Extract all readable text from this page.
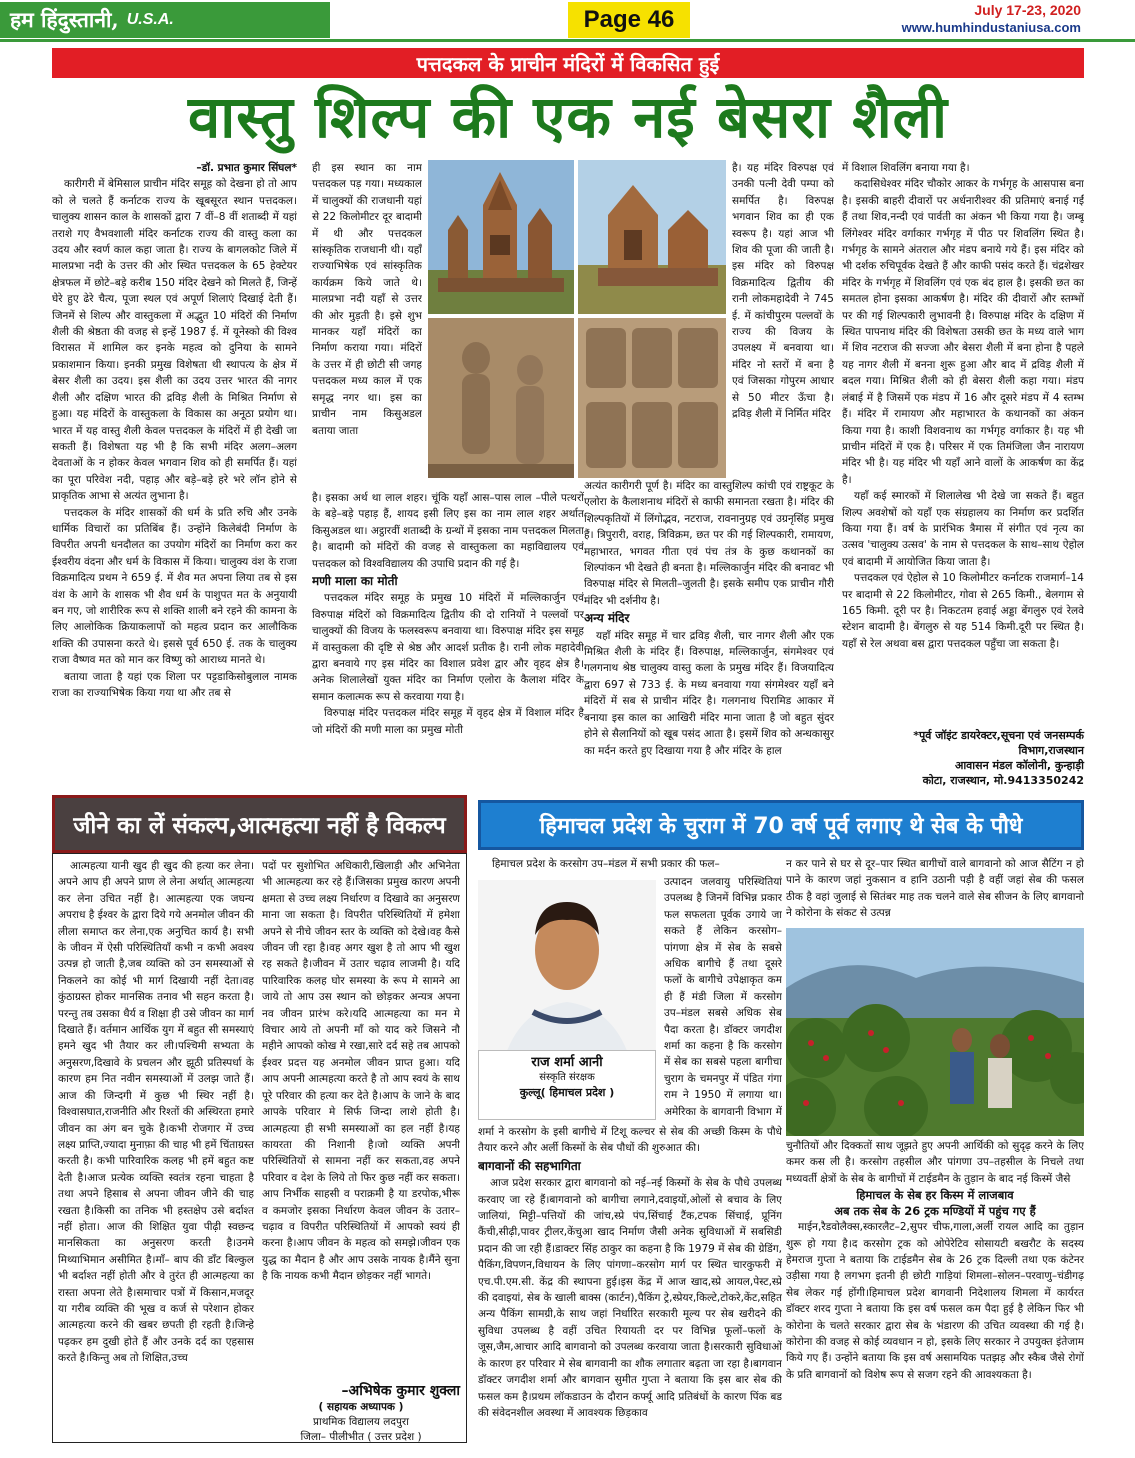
हम हिंदुस्तानी, U.S.A.	Page 46	July 17-23, 2020
www.humhindustaniusa.com
पत्तदकल के प्राचीन मंदिरों में विकसित हुई
वास्तु शिल्प की एक नई बेसरा शैली

–डॉ. प्रभात कुमार सिंघल*

कारीगरी में बेमिसाल प्राचीन मंदिर समूह को देखना हो तो आप को ले चलते हैं कर्नाटक राज्य के खूबसूरत स्थान पत्तदकल। चालुक्य शासन काल के शासकों द्वारा 7 वीं–8 वीं शताब्दी में यहां तराशे गए वैभवशाली मंदिर कर्नाटक राज्य की वास्तु कला का उदय और स्वर्ण काल कहा जाता है। राज्य के बागलकोट जिले में मालप्रभा नदी के उत्तर की ओर स्थित पत्तदकल के 65 हेक्टेयर क्षेत्रफल में छोटे–बड़े करीब 150 मंदिर देखने को मिलते हैं, जिन्हें घेरे हुए ढेरे चैत्य, पूजा स्थल एवं अपूर्ण शिलाएं दिखाई देती हैं। जिनमें से शिल्प और वास्तुकला में अद्भुत 10 मंदिरों की निर्माण शैली की श्रेष्ठता की वजह से इन्हें 1987 ई. में यूनेस्को की विश्व विरासत में शामिल कर इनके महत्व को दुनिया के सामने प्रकाशमान किया। इनकी प्रमुख विशेषता थी स्थापत्य के क्षेत्र में बेसर शैली का उदय। इस शैली का उदय उत्तर भारत की नागर शैली और दक्षिण भारत की द्रविड़ शैली के मिश्रित निर्माण से हुआ। यह मंदिरों के वास्तुकला के विकास का अनूठा प्रयोग था। भारत में यह वास्तु शैली केवल पत्तदकल के मंदिरों में ही देखी जा सकती हैं। विशेषता यह भी है कि सभी मंदिर अलग–अलग देवताओं के न होकर केवल भगवान शिव को ही समर्पित हैं। यहां का पूरा परिवेश नदी, पहाड़ और बड़े–बड़े हरे भरे लॉन होने से प्राकृतिक आभा से अत्यंत लुभाना है।

पत्तदकल के मंदिर शासकों की धर्म के प्रति रुचि और उनके धार्मिक विचारों का प्रतिबिंब हैं। उन्होंने किलेबंदी निर्माण के विपरीत अपनी धनदौलत का उपयोग मंदिरों का निर्माण करा कर ईश्वरीय वंदना और धर्म के विकास में किया। चालुक्य वंश के राजा विक्रमादित्य प्रथम ने 659 ई. में शैव मत अपना लिया तब से इस वंश के आगे के शासक भी शैव धर्म के पाशुपत मत के अनुयायी बन गए, जो शारीरिक रूप से शक्ति शाली बने रहने की कामना के लिए आलोकिक क्रियाकलापों को महत्व प्रदान कर आलौकिक शक्ति की उपासना करते थे। इससे पूर्व 650 ई. तक के चालुक्य राजा वैष्णव मत को मान कर विष्णु को आराध्य मानते थे।

बताया जाता है यहां एक शिला पर पट्टडाकिसोबुलाल नामक राजा का राज्याभिषेक किया गया था और तब से

ही इस स्थान का नाम पत्तदकल पड़ गया। मध्यकाल में चालुक्यों की राजधानी यहां से 22 किलोमीटर दूर बादामी में थी और पत्तदकल सांस्कृतिक राजधानी थी। यहाँ राज्याभिषेक एवं सांस्कृतिक कार्यक्रम किये जाते थे। मालप्रभा नदी यहाँ से उत्तर की ओर मुड़ती है। इसे शुभ मानकर यहाँ मंदिरों का निर्माण कराया गया। मंदिरों के उत्तर में ही छोटी सी जगह पत्तदकल मध्य काल में एक समृद्ध नगर था। इस का प्राचीन नाम किसुअडल बताया जाता

है। यह मंदिर विरुपक्ष एवं उनकी पत्नी देवी पम्पा को समर्पित है। विरुपक्ष भगवान शिव का ही एक स्वरूप है। यहां आज भी शिव की पूजा की जाती है। इस मंदिर को विरुपक्ष विक्रमादित्य द्वितीय की रानी लोकमहादेवी ने 745 ई. में कांचीपुरम पल्लवों के राज्य की विजय के उपलक्ष्य में बनवाया था। मंदिर नो स्तरों में बना है एवं जिसका गोपुरम आधार से 50 मीटर ऊँचा है। द्रविड़ शैली में निर्मित मंदिर

है। इसका अर्थ था लाल शहर। चूंकि यहाँ आस–पास लाल –पीले पत्थरों के बड़े–बड़े पहाड़ हैं, शायद इसी लिए इस का नाम लाल शहर अर्थात किसुअडल था। अट्ठारवीं शताब्दी के ग्रन्थों में इसका नाम पत्तदकल मिलता है। बादामी को मंदिरों की वजह से वास्तुकला का महाविद्यालय एवं पत्तदकल को विश्वविद्यालय की उपाधि प्रदान की गई है।

मणी माला का मोती

पत्तदकल मंदिर समूह के प्रमुख 10 मंदिरों में मल्लिकार्जुन एवं विरुपाक्ष मंदिरों को विक्रमादित्य द्वितीय की दो रानियों ने पल्लवों पर चालुक्यों की विजय के फलस्वरूप बनवाया था। विरुपाक्ष मंदिर इस समूह में वास्तुकला की दृष्टि से श्रेष्ठ और आदर्श प्रतीक है। रानी लोक महादेवी द्वारा बनवाये गए इस मंदिर का विशाल प्रवेश द्वार और वृहद क्षेत्र है। अनेक शिलालेखों युक्त मंदिर का निर्माण एलोरा के कैलाश मंदिर के समान कलात्मक रूप से करवाया गया है।

विरुपाक्ष मंदिर पत्तदकल मंदिर समूह में वृहद क्षेत्र में विशाल मंदिर है जो मंदिरों की मणी माला का प्रमुख मोती

अत्यंत कारीगरी पूर्ण है। मंदिर का वास्तुशिल्प कांची एवं राष्ट्रकूट के एलोरा के कैलाशनाथ मंदिरों से काफी समानता रखता है। मंदिर की शिल्पकृतियों में लिंगोद्भव, नटराज, रावनानुग्रह एवं उग्रनृसिंह प्रमुख हैं। त्रिपुरारी, वराह, त्रिविक्रम, छत पर की गई शिल्पकारी, रामायण, महाभारत, भगवत गीता एवं पंच तंत्र के कुछ कथानकों का शिल्पांकन भी देखते ही बनता है। मल्लिकार्जुन मंदिर की बनावट भी विरुपाक्ष मंदिर से मिलती–जुलती है। इसके समीप एक प्राचीन गौरी मंदिर भी दर्शनीय है।

अन्य मंदिर

यहाँ मंदिर समूह में चार द्रविड़ शैली, चार नागर शैली और एक मिश्रित शैली के मंदिर हैं। विरुपाक्ष, मल्लिकार्जुन, संगमेश्वर एवं गलगनाथ श्रेष्ठ चालुक्य वास्तु कला के प्रमुख मंदिर हैं। विजयादित्य द्वारा 697 से 733 ई. के मध्य बनवाया गया संगमेश्वर यहाँ बने मंदिरों में सब से प्राचीन मंदिर है। गलगनाथ पिरामिड आकार में बनाया इस काल का आखिरी मंदिर माना जाता है जो बहुत सुंदर होने से सैलानियों को खूब पसंद आता है। इसमें शिव को अन्धकासुर का मर्दन करते हुए दिखाया गया है और मंदिर के हाल

में विशाल शिवलिंग बनाया गया है।

कदासिधेश्वर मंदिर चौकोर आकर के गर्भगृह के आसपास बना है। इसकी बाहरी दीवारों पर अर्धनारीश्वर की प्रतिमाएं बनाई गईं हैं तथा शिव,नन्दी एवं पार्वती का अंकन भी किया गया है। जम्बू लिंगेश्वर मंदिर वर्गाकार गर्भगृह में पीठ पर शिवलिंग स्थित है। गर्भगृह के सामने अंतराल और मंडप बनाये गये हैं। इस मंदिर को भी दर्शक रुचिपूर्वक देखते हैं और काफी पसंद करते हैं। चंद्रशेखर मंदिर के गर्भगृह में शिवलिंग एवं एक बंद हाल है। इसकी छत का समतल होना इसका आकर्षण है। मंदिर की दीवारों और स्तम्भों पर की गई शिल्पकारी लुभावनी है। विरुपाक्ष मंदिर के दक्षिण में स्थित पापनाथ मंदिर की विशेषता उसकी छत के मध्य वाले भाग में शिव नटराज की सज्जा और बेसरा शैली में बना होना है पहले यह नागर शैली में बनना शुरू हुआ और बाद में द्रविड़ शैली में बदल गया। मिश्रित शैली को ही बेसरा शैली कहा गया। मंडप लंबाई में है जिसमें एक मंडप में 16 और दूसरे मंडप में 4 स्तम्भ हैं। मंदिर में रामायण और महाभारत के कथानकों का अंकन किया गया है। काशी विशवनाथ का गर्भगृह वर्गाकार है। यह भी प्राचीन मंदिरों में एक है। परिसर में एक तिमंजिला जैन नारायण मंदिर भी है। यह मंदिर भी यहाँ आने वालों के आकर्षण का केंद्र है।

यहाँ कई स्मारकों में शिलालेख भी देखे जा सकते हैं। बहुत शिल्प अवशेषों को यहाँ एक संग्रहालय का निर्माण कर प्रदर्शित किया गया हैं। वर्ष के प्रारंभिक त्रैमास में संगीत एवं नृत्य का उत्सव 'चालुक्य उत्सव' के नाम से पत्तदकल के साथ–साथ ऐहोल एवं बादामी में आयोजित किया जाता है।

पत्तदकल एवं ऐहोल से 10 किलोमीटर कर्नाटक राजमार्ग–14 पर बादामी से 22 किलोमीटर, गोवा से 265 किमी., बेलगाम से 165 किमी. दूरी पर है। निकटतम हवाई अड्डा बेंगलुरु एवं रेलवे स्टेशन बादामी है। बेंगलुरु से यह 514 किमी.दूरी पर स्थित है। यहाँ से रेल अथवा बस द्वारा पत्तदकल पहुँचा जा सकता है।

*पूर्व जॉइंट डायरेक्टर,सूचना एवं जनसम्पर्क
विभाग,राजस्थान
आवासन मंडल कॉलोनी, कुन्हाड़ी
कोटा, राजस्थान, मो.9413350242
जीने का लें संकल्प,आत्महत्या नहीं है विकल्प

आत्महत्या यानी खुद ही खुद की हत्या कर लेना।अपने आप ही अपने प्राण ले लेना अर्थात् आत्महत्या कर लेना उचित नहीं है। आत्महत्या एक जघन्य अपराध है ईश्वर के द्वारा दिये गये अनमोल जीवन की लीला समाप्त कर लेना,एक अनुचित कार्य है। सभी के जीवन में ऐसी परिस्थितियाँ कभी न कभी अवश्य उत्पन्न हो जाती है,जब व्यक्ति को उन समस्याओं से निकलने का कोई भी मार्ग दिखायी नहीं देता।वह कुंठाग्रस्त होकर मानसिक तनाव भी सहन करता है।परन्तु तब उसका धैर्य व शिक्षा ही उसे जीवन का मार्ग दिखाते हैं। वर्तमान आर्थिक युग में बहुत सी समस्याएं हमने खुद भी तैयार कर ली।पश्चिमी सभ्यता के अनुसरण,दिखावे के प्रचलन और झूठी प्रतिस्पर्धा के कारण हम नित नवीन समस्याओं में उलझ जाते हैं। आज की जिन्दगी में कुछ भी स्थिर नहीं है।विश्वासघात,राजनीति और रिश्तों की अस्थिरता हमारे जीवन का अंग बन चुके है।कभी रोजगार में उच्च लक्ष्य प्राप्ति,ज्यादा मुनाफ़ा की चाह भी हमें चिंताग्रस्त करती है। कभी पारिवारिक कलह भी हमें बहुत कष्ट देती है।आज प्रत्येक व्यक्ति स्वतंत्र रहना चाहता है तथा अपने हिसाब से अपना जीवन जीने की चाह रखता है।किसी का तनिक भी हस्तक्षेप उसे बर्दाश्त नहीं होता। आज की शिक्षित युवा पीढ़ी स्वछन्द मानसिकता का अनुसरण करती है।उनमे मिथ्याभिमान असीमित है।माँ– बाप की डाँट बिल्कुल भी बर्दाश्त नहीं होती और वे तुरंत ही आत्महत्या का रास्ता अपना लेते है।समाचार पत्रों में किसान,मजदूर या गरीब व्यक्ति की भूख व कर्ज से परेशान होकर आत्महत्या करने की खबर छपती ही रहती है।जिन्हे पढ़कर हम दुखी होते हैं और उनके दर्द का एहसास करते है।किन्तु अब तो शिक्षित,उच्च

पदों पर सुशोभित अधिकारी,खिलाड़ी और अभिनेता भी आत्महत्या कर रहे हैं।जिसका प्रमुख कारण अपनी क्षमता से उच्च लक्ष्य निर्धारण व दिखावे का अनुसरण माना जा सकता है। विपरीत परिस्थितियों में हमेशा अपने से नीचे जीवन स्तर के व्यक्ति को देखे।वह कैसे जीवन जी रहा है।वह अगर खुश है तो आप भी खुश रह सकते है।जीवन में उतार चढ़ाव लाजमी है। यदि पारिवारिक कलह घोर समस्या के रूप मे सामने आ जाये तो आप उस स्थान को छोड़कर अन्यत्र अपना नव जीवन प्रारंभ करे।यदि आत्महत्या का मन मे विचार आये तो अपनी माँ को याद करे जिसने नौ महीने आपको कोख मे रखा,सारे दर्द सहे तब आपको ईश्वर प्रदत्त यह अनमोल जीवन प्राप्त हुआ। यदि आप अपनी आत्महत्या करते है तो आप स्वयं के साथ पूरे परिवार की हत्या कर देते है।आप के जाने के बाद आपके परिवार मे सिर्फ जिन्दा लाशे होती है। आत्महत्या ही सभी समस्याओं का हल नहीं है।यह कायरता की निशानी है।जो व्यक्ति अपनी परिस्थितियों से सामना नहीं कर सकता,वह अपने परिवार व देश के लिये तो फिर कुछ नहीं कर सकता। आप निर्भीक साहसी व पराक्रमी है या डरपोक,भीरू व कमजोर इसका निर्धारण केवल जीवन के उतार– चढ़ाव व विपरीत परिस्थितियों में आपको स्वयं ही करना है।आप जीवन के महत्व को समझे।जीवन एक युद्ध का मैदान है और आप उसके नायक है।मैंने सुना है कि नायक कभी मैदान छोड़कर नहीं भागते।

–अभिषेक कुमार शुक्ला
( सहायक अध्यापक )
प्राथमिक विद्यालय लदपुरा
जिला– पीलीभीत ( उत्तर प्रदेश )
हिमाचल प्रदेश के चुराग में 70 वर्ष पूर्व लगाए थे सेब के पौधे

हिमाचल प्रदेश के करसोग उप–मंडल में सभी प्रकार की फल–

राज शर्मा आनी
संस्कृति संरक्षक
कुल्लू( हिमाचल प्रदेश )

उत्पादन जलवायु परिस्थितियां उपलब्ध है जिनमें विभिन्न प्रकार फल सफलता पूर्वक उगाये जा सकते हैं लेकिन करसोग–पांगणा क्षेत्र में सेब के सबसे अधिक बागीचे हैं तथा दूसरे फलों के बागीचे उपेक्षाकृत कम ही हैं मंडी जिला में करसोग उप–मंडल सबसे अधिक सेब पैदा करता है। डॉक्टर जगदीश शर्मा का कहना है कि करसोग में सेब का सबसे पहला बागीचा चुराग के चमनपुर में पंडित गंगा राम ने 1950 में लगाया था।अमेरिका के बागवानी विभाग में

शर्मा ने करसोग के इसी बागीचे में टिशू कल्चर से सेब की अच्छी किस्म के पौधे तैयार करने और अर्ली किस्मों के सेब पौधों की शुरुआत की।

बागवानों की सहभागिता

आज प्रदेश सरकार द्वारा बागवानो को नई–नई किस्मों के सेब के पौधे उपलब्ध करवाए जा रहे हैं।बागवानो को बागीचा लगाने,दवाइयों,ओलों से बचाव के लिए जालियां, मिट्टी–पत्तियों की जांच,स्प्रे पंप,सिंचाई टैंक,टपक सिंचाई, प्रूनिंग कैंची,सीढ़ी,पावर ट्रीलर,केंचुआ खाद निर्माण जैसी अनेक सुविधाओं में सबसिडी प्रदान की जा रही हैं।डाक्टर सिंह ठाकुर का कहना है कि 1979 में सेब की ग्रेडिंग, पैकिंग,विपणन,विधायन के लिए पांगणा–करसोग मार्ग पर स्थित चारकुफरी में एच.पी.एम.सी. केंद्र की स्थापना हुई।इस केंद्र में आज खाद,स्प्रे आयल,पेस्ट,स्प्रे की दवाइयां, सेब के खाली बाक्स (कार्टन),पैकिंग ट्रे,स्प्रेयर,किल्टे,टोकरे,केंट,सहित अन्य पैकिंग सामग्री,के साथ जहां निर्धारित सरकारी मूल्य पर सेब खरीदने की सुविधा उपलब्ध है वहीं उचित रियायती दर पर विभिन्न फूलों–फलों के जूस,जैम,आचार आदि बागवानो को उपलब्ध करवाया जाता है।सरकारी सुविधाओं के कारण हर परिवार मे सेब बागवानी का शौक लगातार बढ़ता जा रहा है।बागवान डॉक्टर जगदीश शर्मा और बागवान सुमीत गुप्ता ने बताया कि इस बार सेब की फसल कम है।प्रथम लॉकडाउन के दौरान कर्फ्यू आदि प्रतिबंधों के कारण पिंक बड की संवेदनशील अवस्था में आवश्यक छिड़काव

न कर पाने से घर से दूर–पार स्थित बागीचों वाले बागवानो को आज सैटिंग न हो पाने के कारण जहां नुकसान व हानि उठानी पड़ी है वहीं जहां सेब की फसल ठीक है वहां जुलाई से सितंबर माह तक चलने वाले सेब सीजन के लिए बागवानो ने कोरोना के संकट से उत्पन्न

चुनौतियों और दिक्कतों साथ जूझते हुए अपनी आर्थिकी को सुदृढ़ करने के लिए कमर कस ली है। करसोग तहसील और पांगणा उप–तहसील के निचले तथा मध्यवर्ती क्षेत्रों के सेब के बागीचों में टाईडमैन के तुड़ान के बाद नई किस्में जैसे

हिमाचल के सेब हर किस्म में लाजबाव
अब तक सेब के 26 ट्रक मण्डियों में पहुंच गए हैं

माईन,रैडवोलैक्स,स्कारलैट–2,सुपर चीफ,गाला,अर्ली रायल आदि का तुड़ान शुरू हो गया है।द करसोग ट्रक को ओपेरेटिव सोसायटी बखरौट के सदस्य हेमराज गुप्ता ने बताया कि टाईडमैन सेब के 26 ट्रक दिल्ली तथा एक कंटेनर उड़ीसा गया है लगभग इतनी ही छोटी गाड़ियां शिमला–सोलन–परवाणु–चंडीगढ़ सेब लेकर गई होंगी।हिमाचल प्रदेश बागवानी निदेशालय शिमला में कार्यरत डॉक्टर शरद गुप्ता ने बताया कि इस वर्ष फसल कम पैदा हुई है लेकिन फिर भी कोरोना के चलते सरकार द्वारा सेब के भंडारण की उचित व्यवस्था की गई है। कोरोना की वजह से कोई व्यवधान न हो, इसके लिए सरकार ने उपयुक्त इंतेजाम किये गए हैं। उन्होंने बताया कि इस वर्ष असामयिक पतझड़ और स्कैब जैसे रोगों के प्रति बागवानों को विशेष रूप से सजग रहने की आवश्यकता है।
